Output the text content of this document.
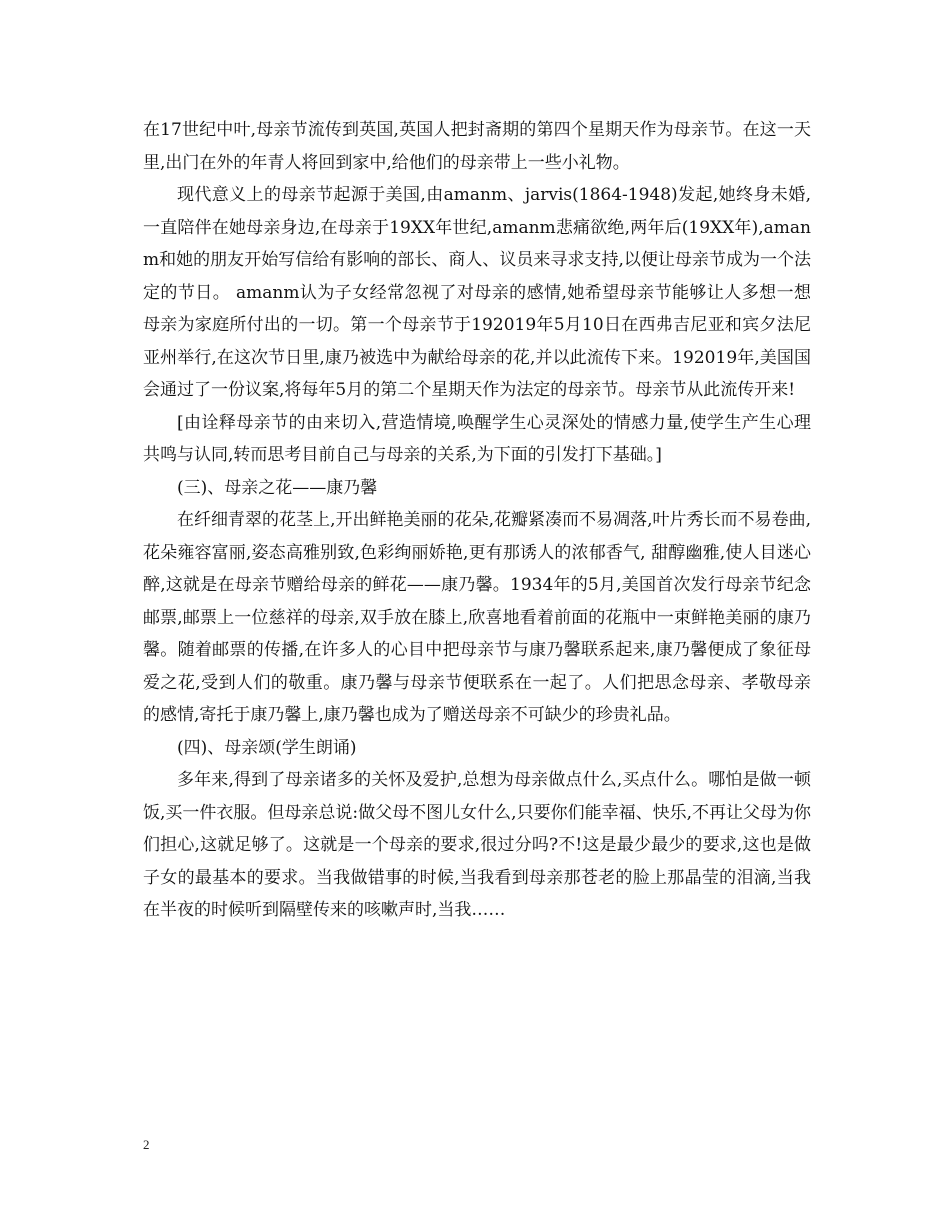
在17世纪中叶,母亲节流传到英国,英国人把封斋期的第四个星期天作为母亲节。在这一天里,出门在外的年青人将回到家中,给他们的母亲带上一些小礼物。

现代意义上的母亲节起源于美国,由amanm、jarvis(1864-1948)发起,她终身未婚,一直陪伴在她母亲身边,在母亲于19XX年世纪,amanm悲痛欲绝,两年后(19XX年),amanm和她的朋友开始写信给有影响的部长、商人、议员来寻求支持,以便让母亲节成为一个法定的节日。 amanm认为子女经常忽视了对母亲的感情,她希望母亲节能够让人多想一想母亲为家庭所付出的一切。第一个母亲节于192019年5月10日在西弗吉尼亚和宾夕法尼亚州举行,在这次节日里,康乃被选中为献给母亲的花,并以此流传下来。192019年,美国国会通过了一份议案,将每年5月的第二个星期天作为法定的母亲节。母亲节从此流传开来!

[由诠释母亲节的由来切入,营造情境,唤醒学生心灵深处的情感力量,使学生产生心理共鸣与认同,转而思考目前自己与母亲的关系,为下面的引发打下基础。]

(三)、母亲之花——康乃馨

在纤细青翠的花茎上,开出鲜艳美丽的花朵,花瓣紧凑而不易凋落,叶片秀长而不易卷曲,花朵雍容富丽,姿态高雅别致,色彩绚丽娇艳,更有那诱人的浓郁香气, 甜醇幽雅,使人目迷心醉,这就是在母亲节赠给母亲的鲜花——康乃馨。1934年的5月,美国首次发行母亲节纪念邮票,邮票上一位慈祥的母亲,双手放在膝上,欣喜地看着前面的花瓶中一束鲜艳美丽的康乃馨。随着邮票的传播,在许多人的心目中把母亲节与康乃馨联系起来,康乃馨便成了象征母爱之花,受到人们的敬重。康乃馨与母亲节便联系在一起了。人们把思念母亲、孝敬母亲的感情,寄托于康乃馨上,康乃馨也成为了赠送母亲不可缺少的珍贵礼品。

(四)、母亲颂(学生朗诵)

多年来,得到了母亲诸多的关怀及爱护,总想为母亲做点什么,买点什么。哪怕是做一顿饭,买一件衣服。但母亲总说:做父母不图儿女什么,只要你们能幸福、快乐,不再让父母为你们担心,这就足够了。这就是一个母亲的要求,很过分吗?不!这是最少最少的要求,这也是做子女的最基本的要求。当我做错事的时候,当我看到母亲那苍老的脸上那晶莹的泪滴,当我在半夜的时候听到隔壁传来的咳嗽声时,当我……

2
